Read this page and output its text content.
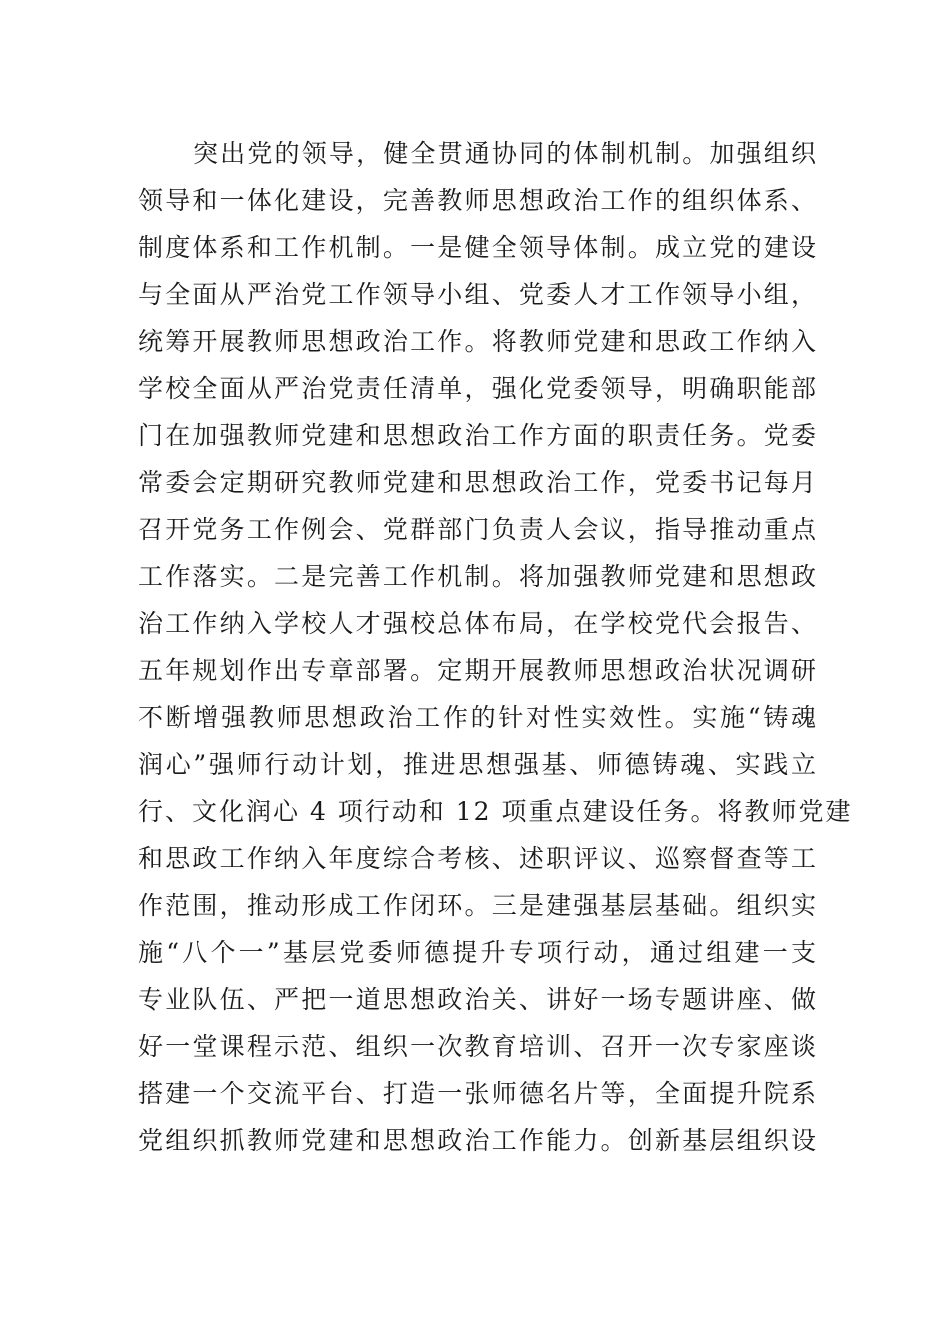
突出党的领导，健全贯通协同的体制机制。加强组织
领导和一体化建设，完善教师思想政治工作的组织体系、
制度体系和工作机制。一是健全领导体制。成立党的建设
与全面从严治党工作领导小组、党委人才工作领导小组，
统筹开展教师思想政治工作。将教师党建和思政工作纳入
学校全面从严治党责任清单，强化党委领导，明确职能部
门在加强教师党建和思想政治工作方面的职责任务。党委
常委会定期研究教师党建和思想政治工作，党委书记每月
召开党务工作例会、党群部门负责人会议，指导推动重点
工作落实。二是完善工作机制。将加强教师党建和思想政
治工作纳入学校人才强校总体布局，在学校党代会报告、
五年规划作出专章部署。定期开展教师思想政治状况调研
不断增强教师思想政治工作的针对性实效性。实施“铸魂
润心”强师行动计划，推进思想强基、师德铸魂、实践立
行、文化润心 4 项行动和 12 项重点建设任务。将教师党建
和思政工作纳入年度综合考核、述职评议、巡察督查等工
作范围，推动形成工作闭环。三是建强基层基础。组织实
施“八个一”基层党委师德提升专项行动，通过组建一支
专业队伍、严把一道思想政治关、讲好一场专题讲座、做
好一堂课程示范、组织一次教育培训、召开一次专家座谈
搭建一个交流平台、打造一张师德名片等，全面提升院系
党组织抓教师党建和思想政治工作能力。创新基层组织设
